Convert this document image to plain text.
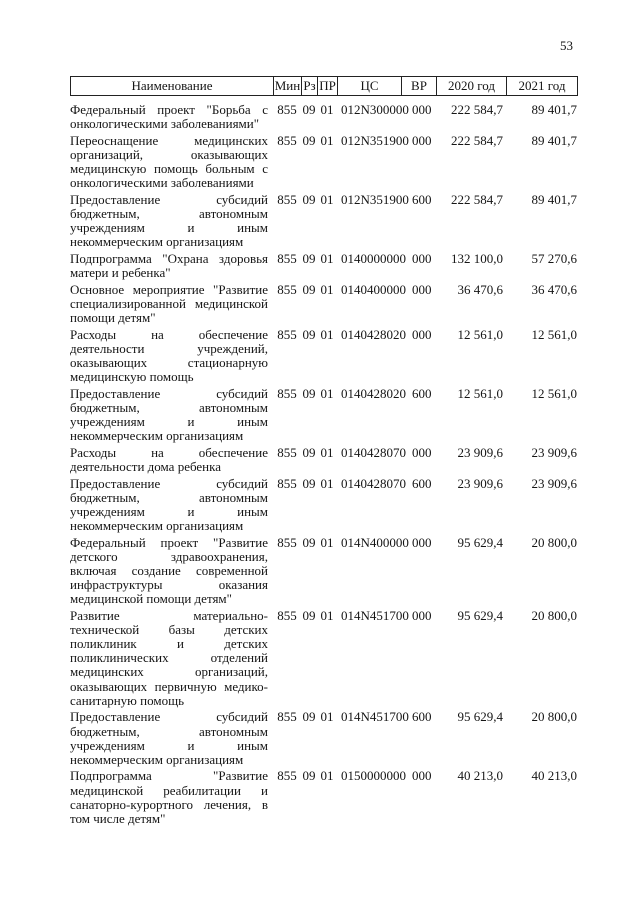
53
Наименование	Мин Рз ПР	ЦС	ВР	2020 год	2021 год
Федеральный проект "Борьба с
онкологическими заболеваниями"
855 09 01 012N300000 000	222 584,7	89 401,7
Переоснащение медицинских
организаций, оказывающих
медицинскую помощь больным с
онкологическими заболеваниями
855 09 01 012N351900 000	222 584,7	89 401,7
Предоставление субсидий
бюджетным, автономным
учреждениям и иным
некоммерческим организациям
855 09 01 012N351900 600	222 584,7	89 401,7
Подпрограмма "Охрана здоровья
матери и ребенка"
855 09 01 0140000000 000	132 100,0	57 270,6
Основное мероприятие "Развитие
специализированной медицинской
помощи детям"
855 09 01 0140400000 000	36 470,6	36 470,6
Расходы на обеспечение
деятельности учреждений,
оказывающих стационарную
медицинскую помощь
855 09 01 0140428020 000	12 561,0	12 561,0
Предоставление субсидий
бюджетным, автономным
учреждениям и иным
некоммерческим организациям
855 09 01 0140428020 600	12 561,0	12 561,0
Расходы на обеспечение
деятельности дома ребенка
855 09 01 0140428070 000	23 909,6	23 909,6
Предоставление субсидий
бюджетным, автономным
учреждениям и иным
некоммерческим организациям
855 09 01 0140428070 600	23 909,6	23 909,6
Федеральный проект "Развитие
детского здравоохранения,
включая создание современной
инфраструктуры оказания
медицинской помощи детям"
855 09 01 014N400000 000	95 629,4	20 800,0
Развитие материально-
технической базы детских
поликлиник и детских
поликлинических отделений
медицинских организаций,
оказывающих первичную медико-
санитарную помощь
855 09 01 014N451700 000	95 629,4	20 800,0
Предоставление субсидий
бюджетным, автономным
учреждениям и иным
некоммерческим организациям
855 09 01 014N451700 600	95 629,4	20 800,0
Подпрограмма "Развитие
медицинской реабилитации и
санаторно-курортного лечения, в
том числе детям"
855 09 01 0150000000 000	40 213,0	40 213,0
